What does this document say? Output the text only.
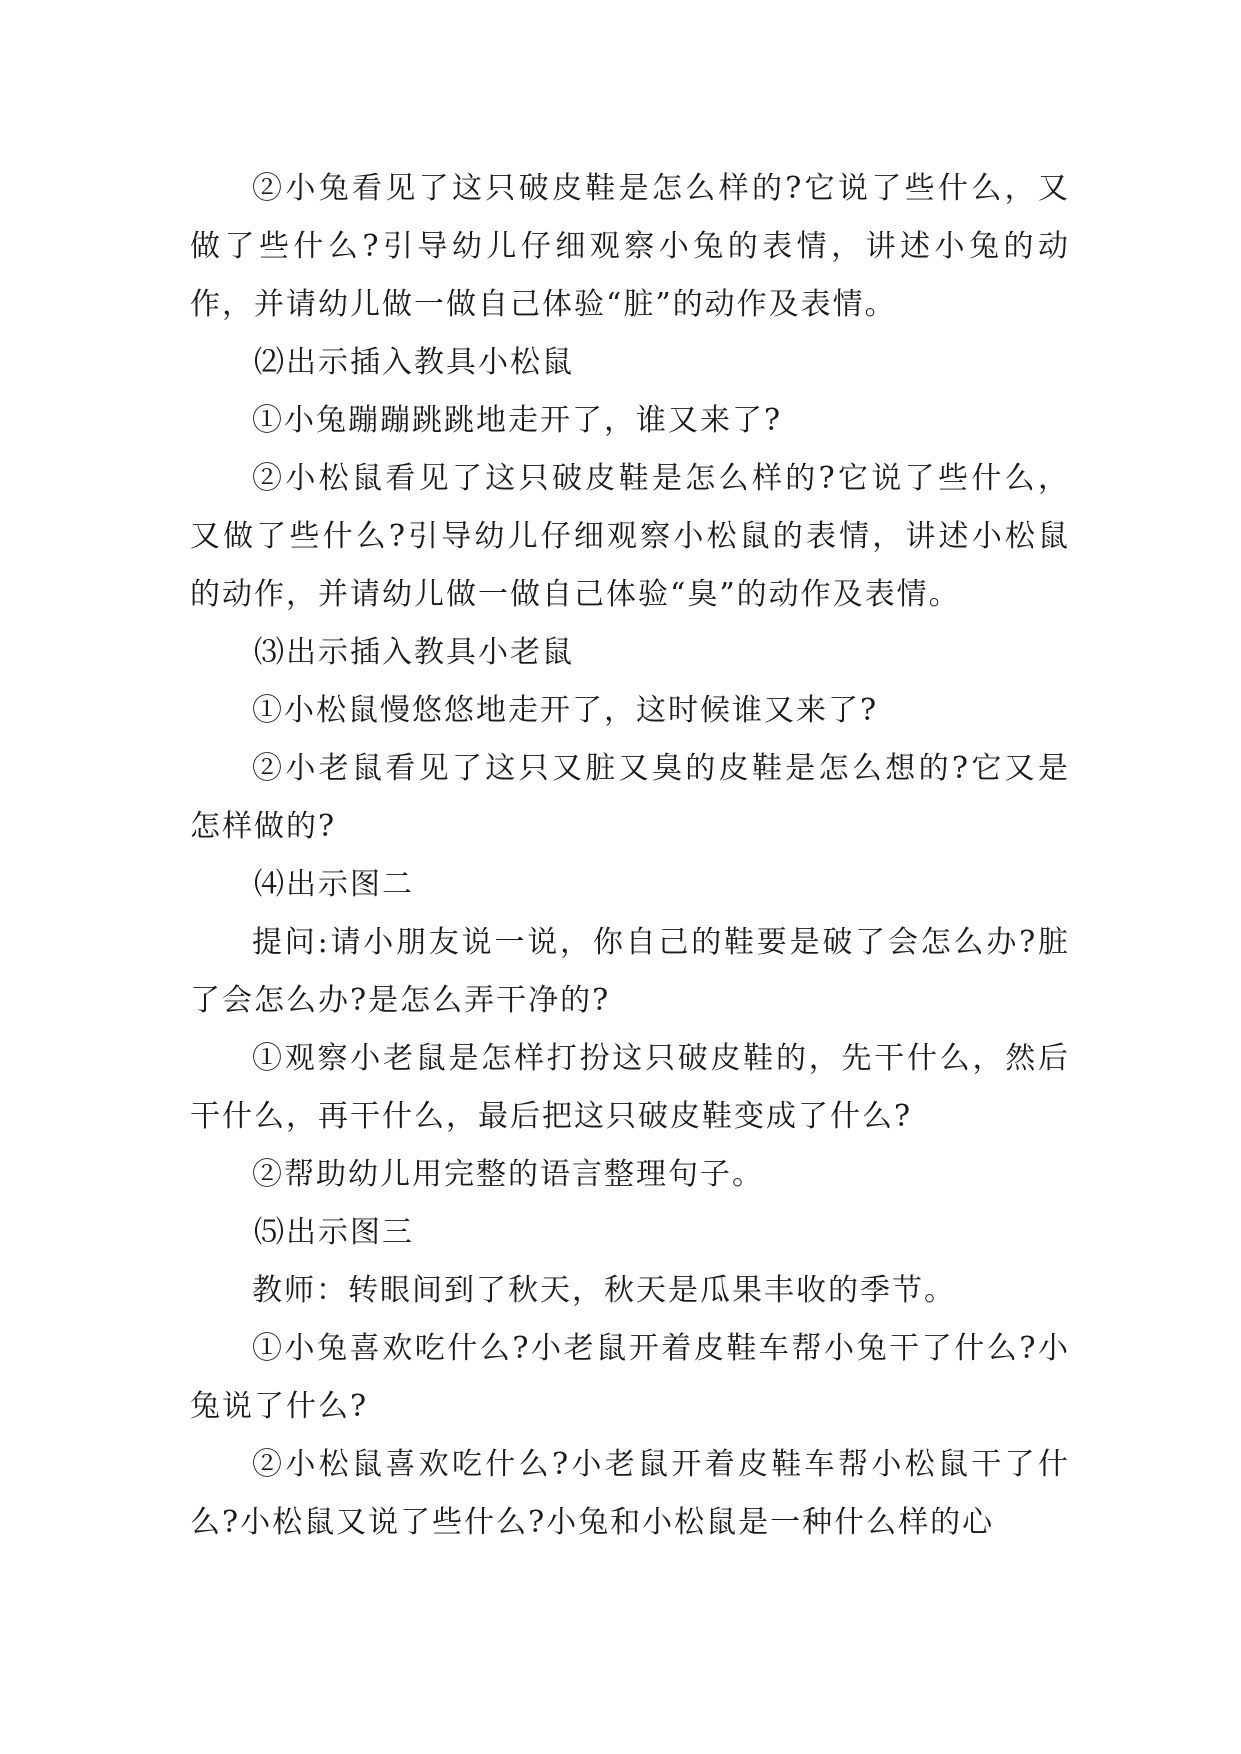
②小兔看见了这只破皮鞋是怎么样的?它说了些什么，又做了些什么?引导幼儿仔细观察小兔的表情，讲述小兔的动作，并请幼儿做一做自己体验“脏”的动作及表情。

⑵出示插入教具小松鼠

①小兔蹦蹦跳跳地走开了，谁又来了?

②小松鼠看见了这只破皮鞋是怎么样的?它说了些什么，又做了些什么?引导幼儿仔细观察小松鼠的表情，讲述小松鼠的动作，并请幼儿做一做自己体验“臭”的动作及表情。

⑶出示插入教具小老鼠

①小松鼠慢悠悠地走开了，这时候谁又来了?

②小老鼠看见了这只又脏又臭的皮鞋是怎么想的?它又是怎样做的?

⑷出示图二

提问:请小朋友说一说，你自己的鞋要是破了会怎么办?脏了会怎么办?是怎么弄干净的?

①观察小老鼠是怎样打扮这只破皮鞋的，先干什么，然后干什么，再干什么，最后把这只破皮鞋变成了什么?

②帮助幼儿用完整的语言整理句子。

⑸出示图三

教师：转眼间到了秋天，秋天是瓜果丰收的季节。

①小兔喜欢吃什么?小老鼠开着皮鞋车帮小兔干了什么?小兔说了什么?

②小松鼠喜欢吃什么?小老鼠开着皮鞋车帮小松鼠干了什么?小松鼠又说了些什么?小兔和小松鼠是一种什么样的心
